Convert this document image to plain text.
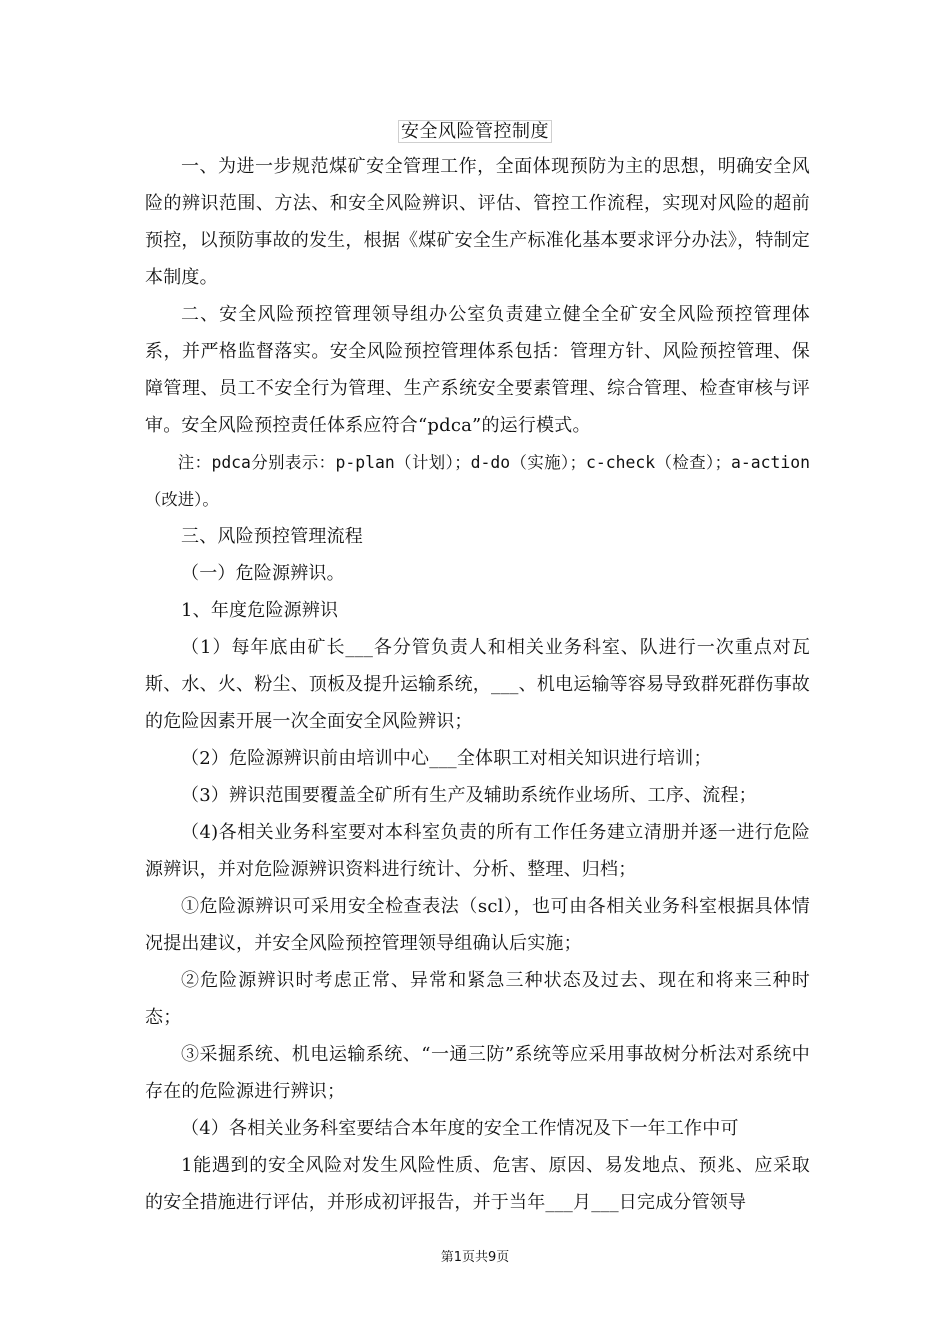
安全风险管控制度

一、为进一步规范煤矿安全管理工作，全面体现预防为主的思想，明确安全风险的辨识范围、方法、和安全风险辨识、评估、管控工作流程，实现对风险的超前预控，以预防事故的发生，根据《煤矿安全生产标准化基本要求评分办法》，特制定本制度。

二、安全风险预控管理领导组办公室负责建立健全全矿安全风险预控管理体系，并严格监督落实。安全风险预控管理体系包括：管理方针、风险预控管理、保障管理、员工不安全行为管理、生产系统安全要素管理、综合管理、检查审核与评审。安全风险预控责任体系应符合“pdca”的运行模式。

注：pdca分别表示：p-plan（计划）；d-do（实施）；c-check（检查）；a-action（改进）。

三、风险预控管理流程

（一）危险源辨识。

1、年度危险源辨识

（1）每年底由矿长___各分管负责人和相关业务科室、队进行一次重点对瓦斯、水、火、粉尘、顶板及提升运输系统，___、机电运输等容易导致群死群伤事故的危险因素开展一次全面安全风险辨识；

（2）危险源辨识前由培训中心___全体职工对相关知识进行培训；

（3）辨识范围要覆盖全矿所有生产及辅助系统作业场所、工序、流程；

（4)各相关业务科室要对本科室负责的所有工作任务建立清册并逐一进行危险源辨识，并对危险源辨识资料进行统计、分析、整理、归档；

①危险源辨识可采用安全检查表法（scl），也可由各相关业务科室根据具体情况提出建议，并安全风险预控管理领导组确认后实施；

②危险源辨识时考虑正常、异常和紧急三种状态及过去、现在和将来三种时态；

③采掘系统、机电运输系统、“一通三防”系统等应采用事故树分析法对系统中存在的危险源进行辨识；

（4）各相关业务科室要结合本年度的安全工作情况及下一年工作中可

1能遇到的安全风险对发生风险性质、危害、原因、易发地点、预兆、应采取的安全措施进行评估，并形成初评报告，并于当年___月___日完成分管领导

第1页共9页
